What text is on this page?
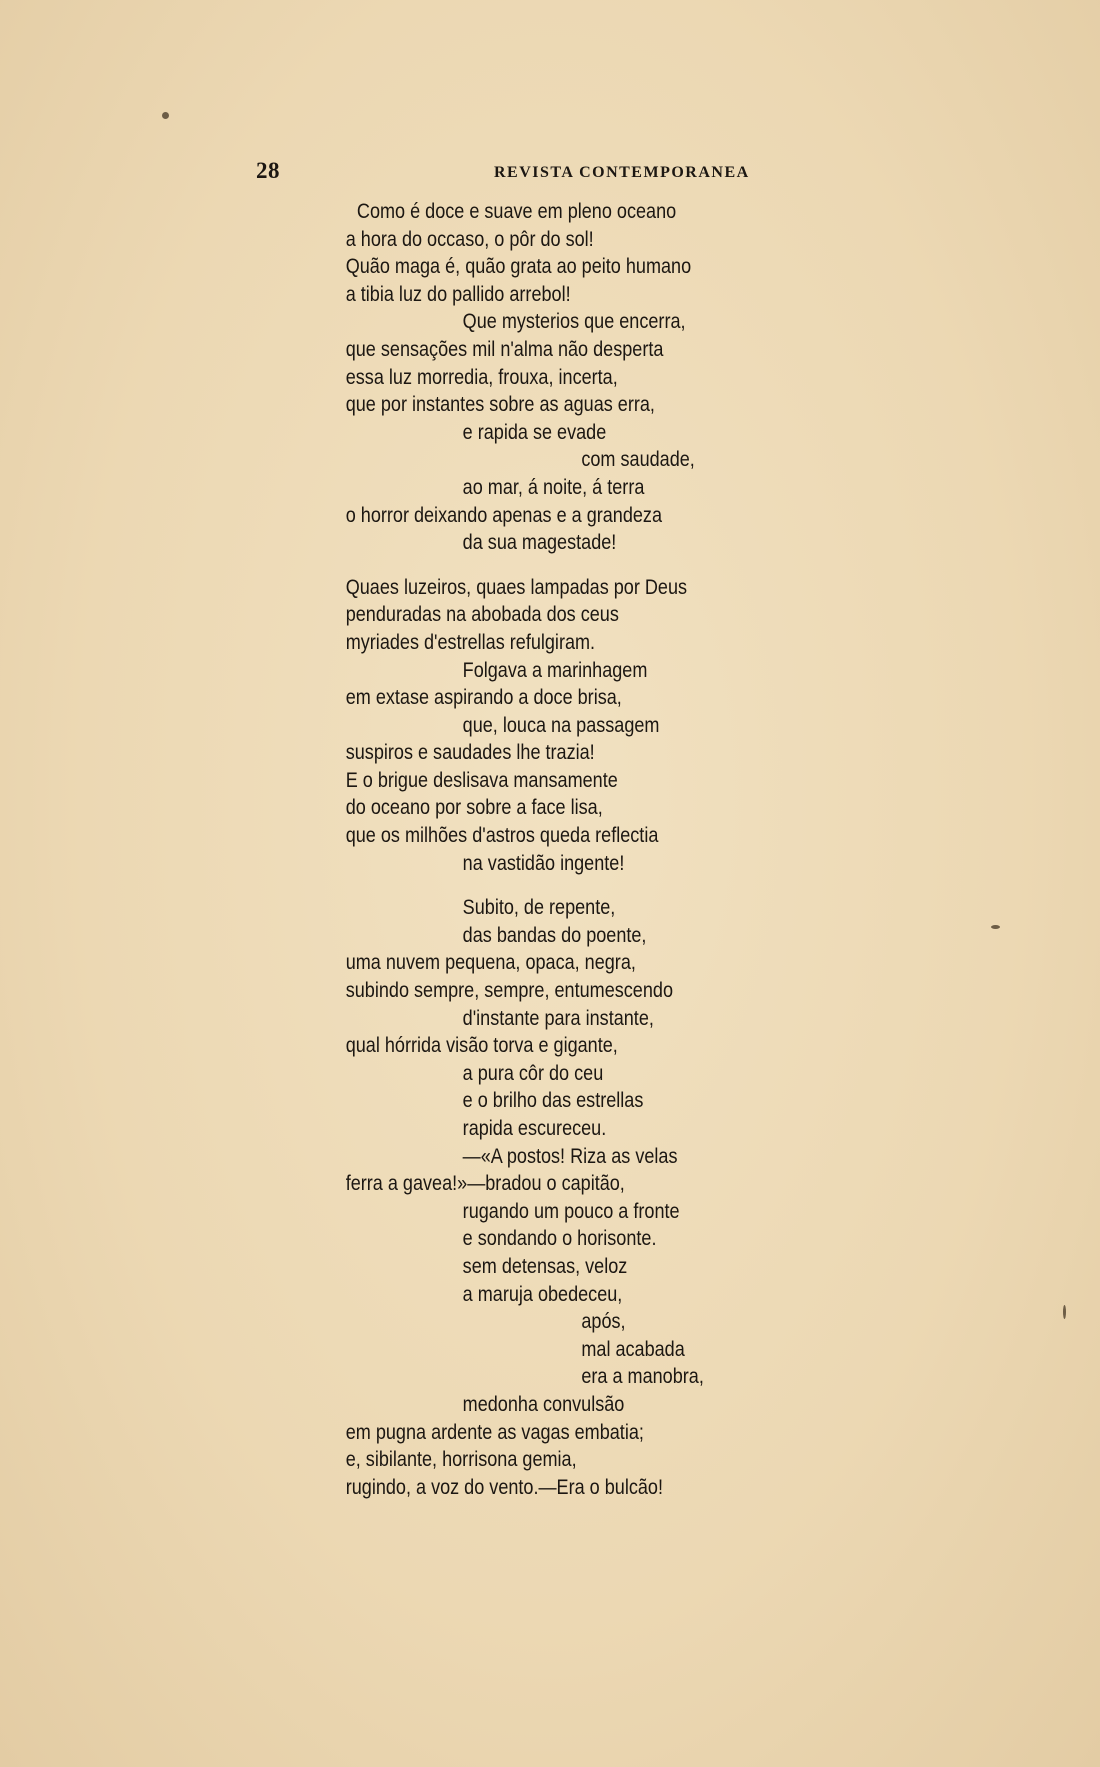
28	REVISTA CONTEMPORANEA
Como é doce e suave em pleno oceano
a hora do occaso, o pôr do sol!
Quão maga é, quão grata ao peito humano
a tibia luz do pallido arrebol!
Que mysterios que encerra,
que sensações mil n'alma não desperta
essa luz morredia, frouxa, incerta,
que por instantes sobre as aguas erra,
e rapida se evade
com saudade,
ao mar, á noite, á terra
o horror deixando apenas e a grandeza
da sua magestade!
Quaes luzeiros, quaes lampadas por Deus
penduradas na abobada dos ceus
myriades d'estrellas refulgiram.
Folgava a marinhagem
em extase aspirando a doce brisa,
que, louca na passagem
suspiros e saudades lhe trazia!
E o brigue deslisava mansamente
do oceano por sobre a face lisa,
que os milhões d'astros queda reflectia
na vastidão ingente!
Subito, de repente,
das bandas do poente,
uma nuvem pequena, opaca, negra,
subindo sempre, sempre, entumescendo
d'instante para instante,
qual hórrida visão torva e gigante,
a pura côr do ceu
e o brilho das estrellas
rapida escureceu.
—«A postos! Riza as velas
ferra a gavea!»—bradou o capitão,
rugando um pouco a fronte
e sondando o horisonte.
sem detensas, veloz
a maruja obedeceu,
após,
mal acabada
era a manobra,
medonha convulsão
em pugna ardente as vagas embatia;
e, sibilante, horrisona gemia,
rugindo, a voz do vento.—Era o bulcão!
